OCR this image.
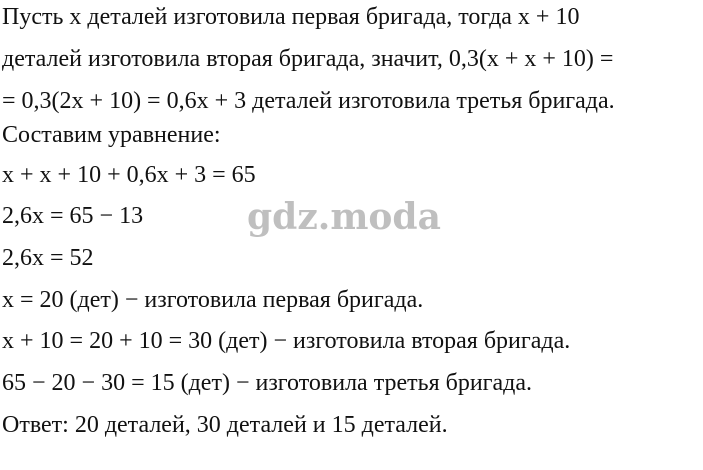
Пусть x деталей изготовила первая бригада, тогда x + 10
деталей изготовила вторая бригада, значит, 0,3(x + x + 10) =
= 0,3(2x + 10) = 0,6x + 3 деталей изготовила третья бригада.
Составим уравнение:
x + x + 10 + 0,6x + 3 = 65
2,6x = 65 − 13
2,6x = 52
x = 20 (дет) − изготовила первая бригада.
x + 10 = 20 + 10 = 30 (дет) − изготовила вторая бригада.
65 − 20 − 30 = 15 (дет) − изготовила третья бригада.
Ответ: 20 деталей, 30 деталей и 15 деталей.
gdz.moda
